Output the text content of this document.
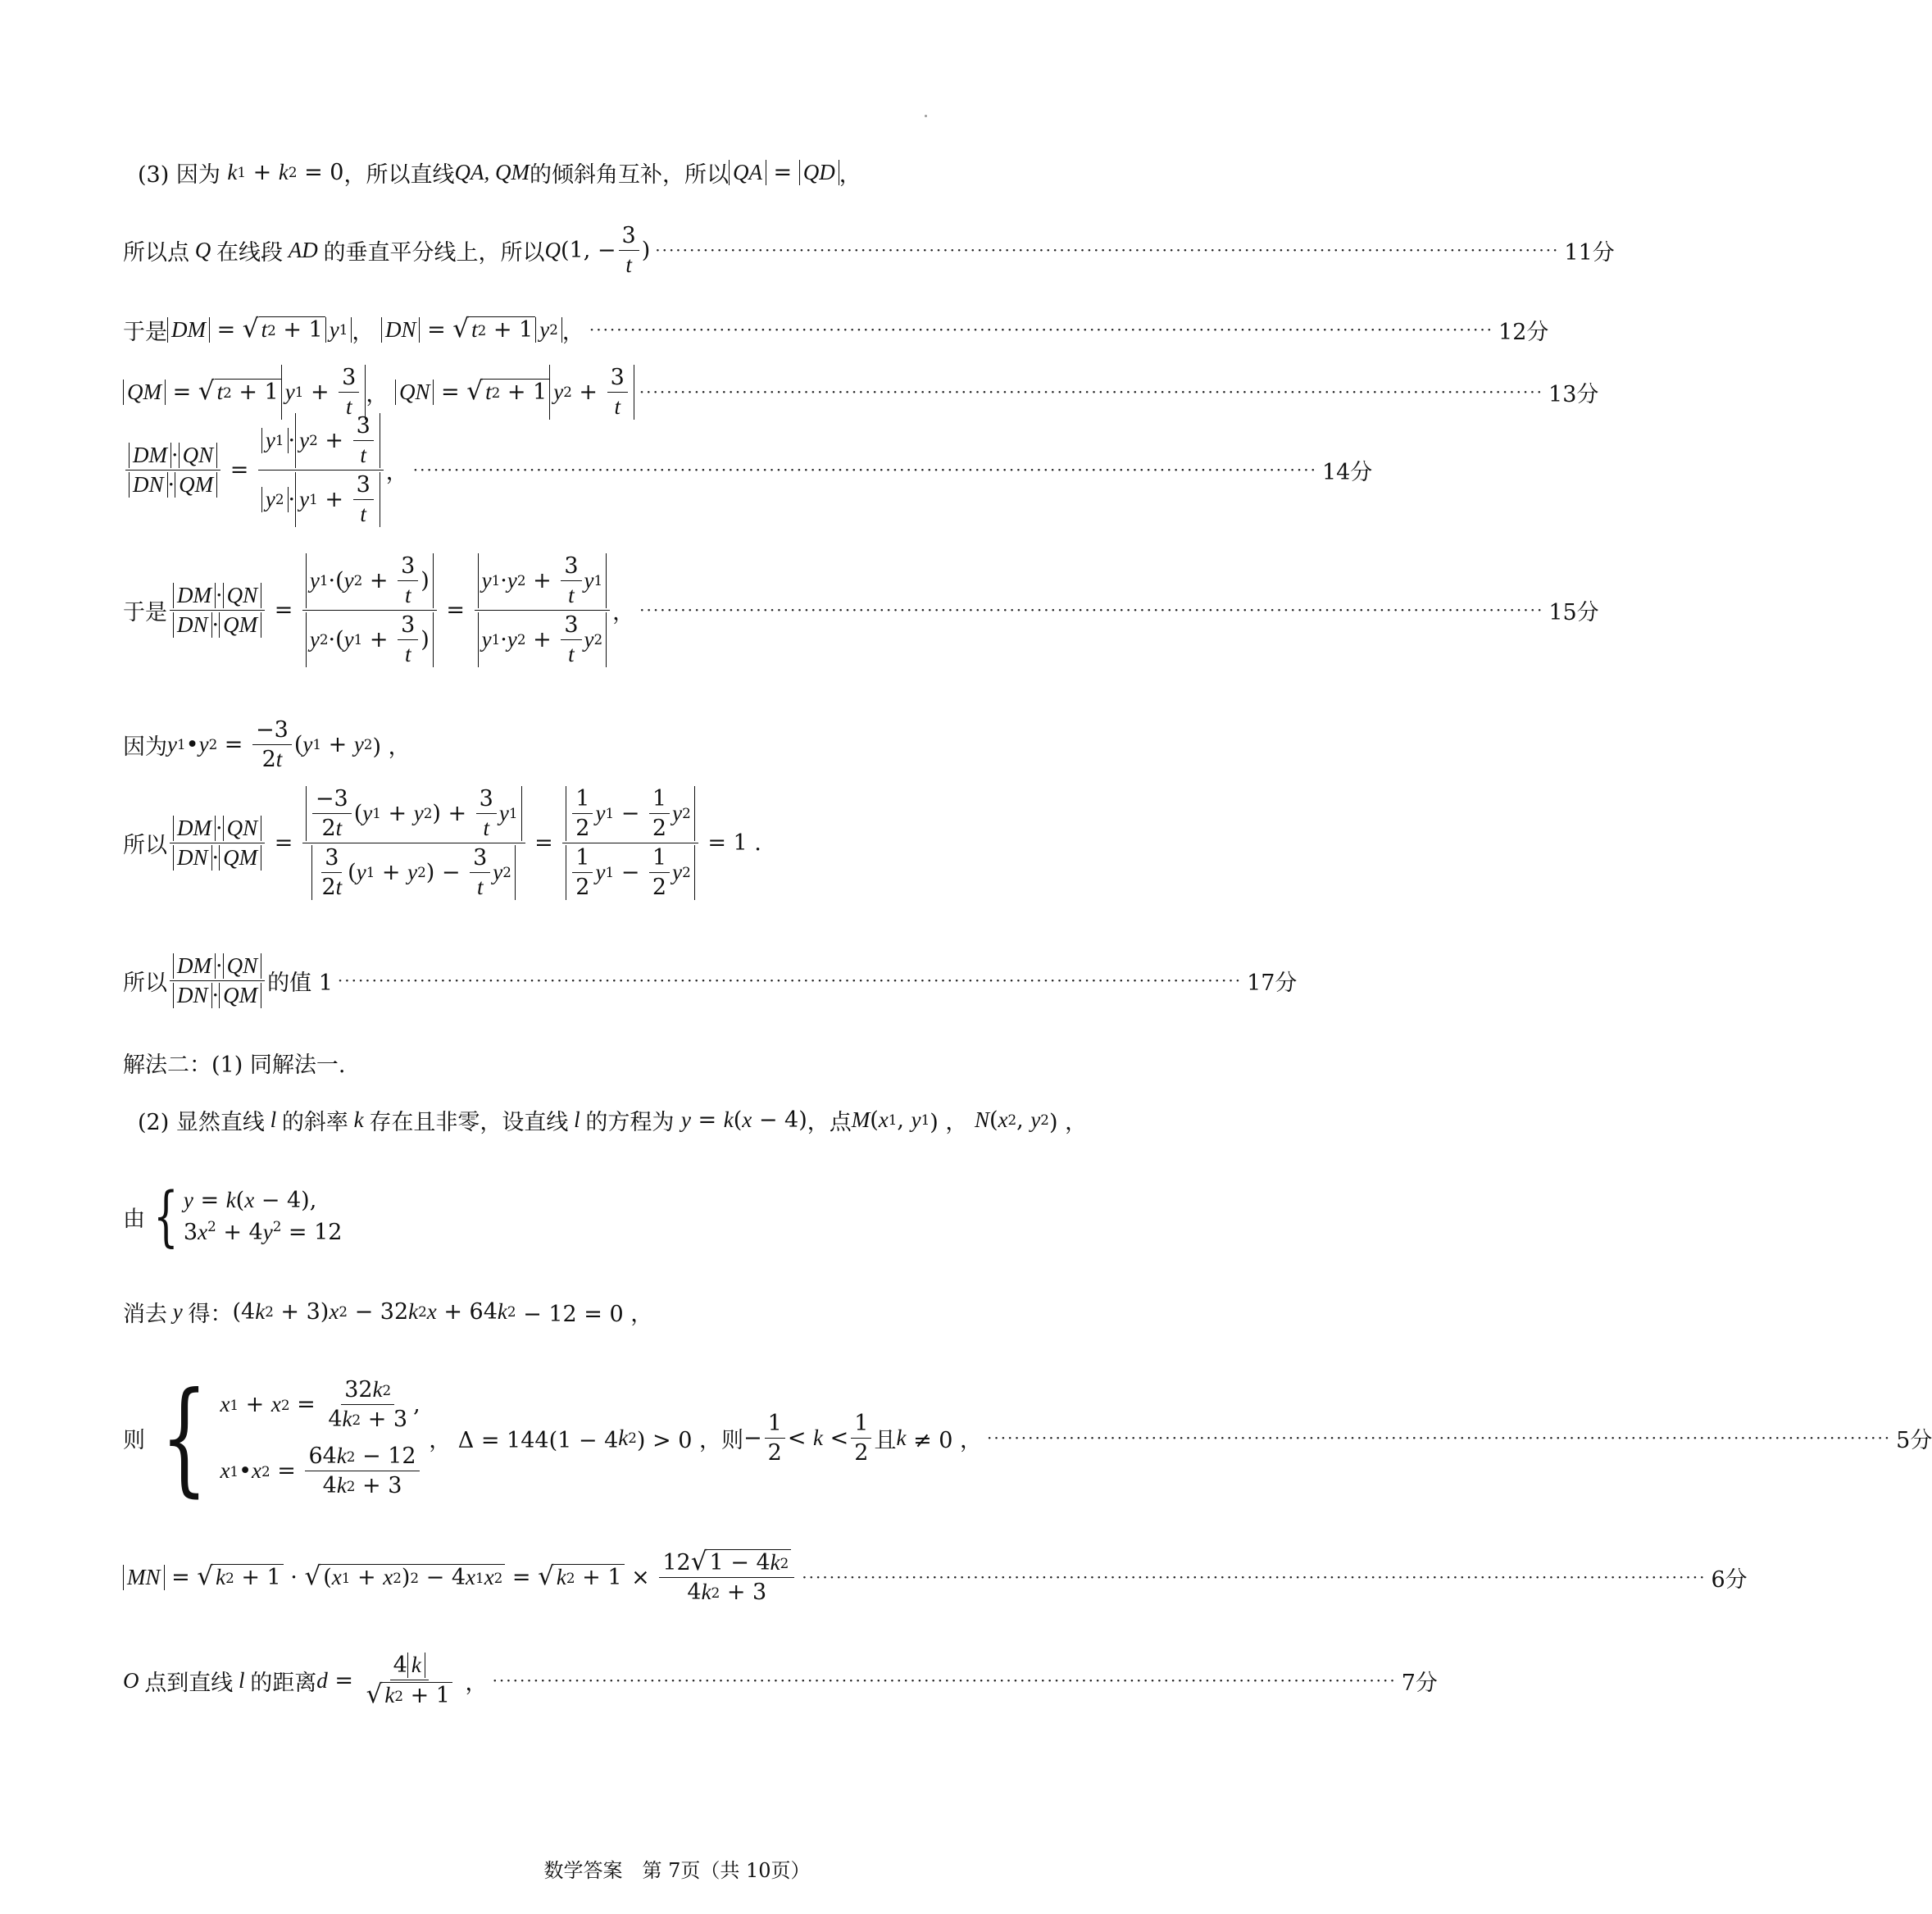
(3) 因为
k 1 + k 2 = 0 ，所以直线 QA, QM 的倾斜角互补，所以 QA = QD ，
所以点 Q 在线段 AD 的垂直平分线上，所以 Q (1, − $\frac{3}{t}$ ) ···································································································································· 11分
于是 DM = √ t 2 + 1 y 1 ， DN = √ t 2 + 1 y 2 ， ···································································································································· 12分
QM = √ t 2 + 1 y $1 + \frac{3}{t}$ ， QN = √ t 2 + 1 y $2 + \frac{3}{t}$ ···································································································································· 13分
$\frac{DM \cdot QN}{DN \cdot QM} = \frac{y 1 \cdot y 2 + \frac{3}{t}}{y 2 \cdot y 1 + \frac{3}{t}}$ ， ···································································································································· 14分
于是 $\frac{DM \cdot QN}{DN \cdot QM} = \frac{y 1 \cdot( y 2 + \frac{3}{t} )}{y 2 \cdot( y 1 + \frac{3}{t} )} = \frac{y 1 \cdot y 2 + \frac{3}{t} y 1}{y 1 \cdot y 2 + \frac{3}{t} y 2}$ ， ···································································································································· 15分
因为 y 1 • y $2 = \frac{-3}{2 t}$ ( y 1 + y 2 ) ，
所以 $\frac{DM \cdot QN}{DN \cdot QM} = \frac{\frac{-3}{2 t} ( y 1 + y 2 ) + \frac{3}{t} y 1}{\frac{3}{2 t} ( y 1 + y 2 ) - \frac{3}{t} y 2} = \frac{\frac{1}{2} y 1 - \frac{1}{2} y 2}{\frac{1}{2} y 1 - \frac{1}{2} y 2} = 1$ .
所以 $\frac{DM \cdot QN}{DN \cdot QM}$ 的值 1 ···································································································································· 17分
解法二：(1) 同解法一.
(2) 显然直线 l 的斜率 k 存在且非零，设直线 l 的方程为
y = k ( x − 4) ，点 M ( x 1 , y 1 ) ， N ( x 2 , y 2 ) ，
由 { y = k(x − 4),
$3x^2 + 4y^2 = 12$
消去 y 得： (4 k 2 + 3) x 2 − 32 k 2 x + 64 k 2 − 12 = 0 ，
则 { x 1 + x $2 = \frac{32 k 2}{4 k 2 + 3}$ ,
x 1 • x $2 = \frac{64 k 2 - 12}{4 k 2 + 3}$
， Δ = 144(1 − 4 k 2 ) > 0 ， 则 − $\frac{1}{2} < k < \frac{1}{2}$ 且 k ≠ 0 ， ···································································································································· 5分
MN = √ k 2 + 1 · √ ( x 1 + x 2 ) 2 − 4 x 1 x 2 = √ k $2 + 1 \times \frac{12 √ 1 - 4 k 2}{4 k 2 + 3}$ ···································································································································· 6分
O 点到直线 l 的距离 $d = \frac{4 k}{√ k 2 + 1}$ ， ···································································································································· 7分
数学答案　第 7页（共 10页）
